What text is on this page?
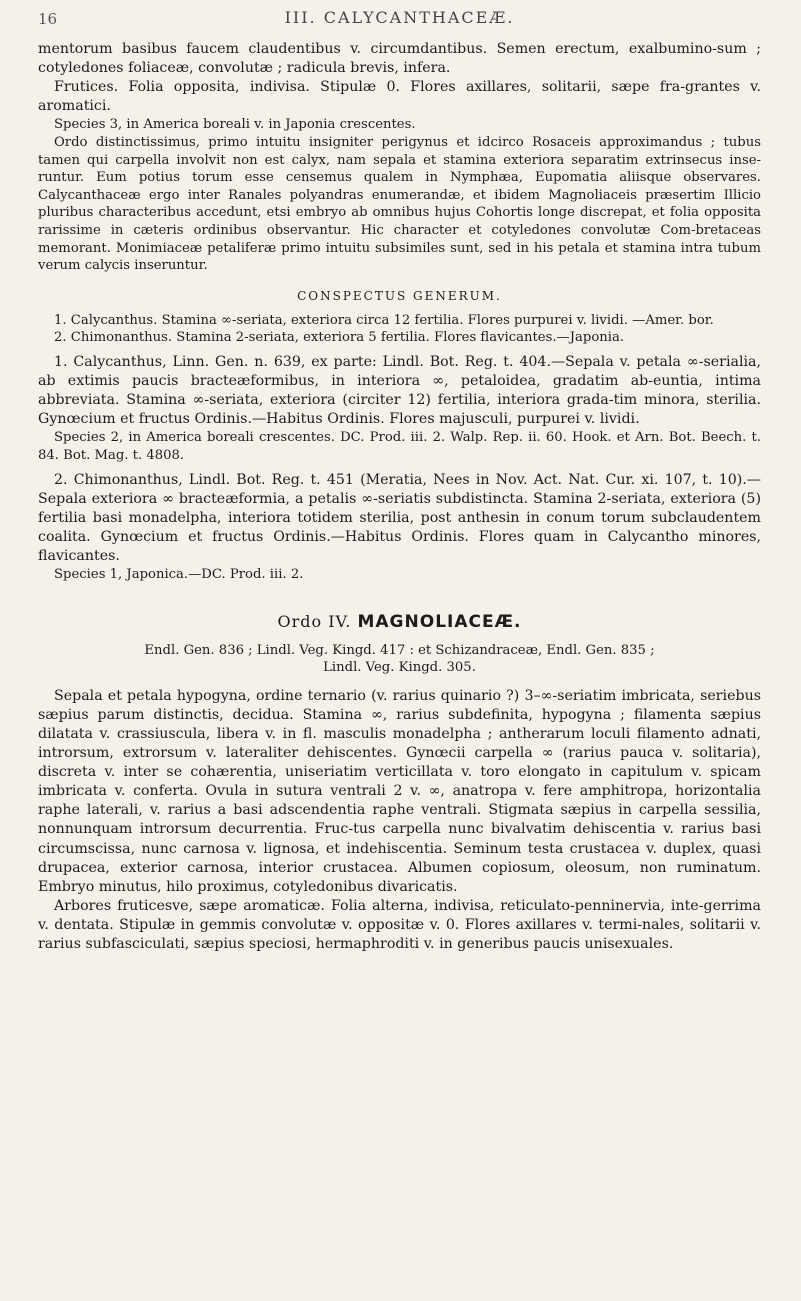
16	III. CALYCANTHACEÆ.

mentorum basibus faucem claudentibus v. circumdantibus. Semen erectum, exalbumino-sum ; cotyledones foliaceæ, convolutæ ; radicula brevis, infera.

Frutices. Folia opposita, indivisa. Stipulæ 0. Flores axillares, solitarii, sæpe fra-grantes v. aromatici.

Species 3, in America boreali v. in Japonia crescentes.

Ordo distinctissimus, primo intuitu insigniter perigynus et idcirco Rosaceis approximandus ; tubus tamen qui carpella involvit non est calyx, nam sepala et stamina exteriora separatim extrinsecus inse-runtur. Eum potius torum esse censemus qualem in Nymphæa, Eupomatia aliisque observares. Calycanthaceæ ergo inter Ranales polyandras enumerandæ, et ibidem Magnoliaceis præsertim Illicio pluribus characteribus accedunt, etsi embryo ab omnibus hujus Cohortis longe discrepat, et folia opposita rarissime in cæteris ordinibus observantur. Hic character et cotyledones convolutæ Com-bretaceas memorant. Monimiaceæ petaliferæ primo intuitu subsimiles sunt, sed in his petala et stamina intra tubum verum calycis inseruntur.

CONSPECTUS GENERUM.

1. Calycanthus. Stamina ∞-seriata, exteriora circa 12 fertilia. Flores purpurei v. lividi. —Amer. bor.

2. Chimonanthus. Stamina 2-seriata, exteriora 5 fertilia. Flores flavicantes.—Japonia.

1. Calycanthus, Linn. Gen. n. 639, ex parte: Lindl. Bot. Reg. t. 404.—Sepala v. petala ∞-serialia, ab extimis paucis bracteæformibus, in interiora ∞, petaloidea, gradatim ab-euntia, intima abbreviata. Stamina ∞-seriata, exteriora (circiter 12) fertilia, interiora grada-tim minora, sterilia. Gynœcium et fructus Ordinis.—Habitus Ordinis. Flores majusculi, purpurei v. lividi.

Species 2, in America boreali crescentes. DC. Prod. iii. 2. Walp. Rep. ii. 60. Hook. et Arn. Bot. Beech. t. 84. Bot. Mag. t. 4808.

2. Chimonanthus, Lindl. Bot. Reg. t. 451 (Meratia, Nees in Nov. Act. Nat. Cur. xi. 107, t. 10).—Sepala exteriora ∞ bracteæformia, a petalis ∞-seriatis subdistincta. Stamina 2-seriata, exteriora (5) fertilia basi monadelpha, interiora totidem sterilia, post anthesin in conum torum subclaudentem coalita. Gynœcium et fructus Ordinis.—Habitus Ordinis. Flores quam in Calycantho minores, flavicantes.

Species 1, Japonica.—DC. Prod. iii. 2.

Ordo IV. MAGNOLIACEÆ.

Endl. Gen. 836 ; Lindl. Veg. Kingd. 417 : et Schizandraceæ, Endl. Gen. 835 ;

Lindl. Veg. Kingd. 305.

Sepala et petala hypogyna, ordine ternario (v. rarius quinario ?) 3–∞-seriatim imbricata, seriebus sæpius parum distinctis, decidua. Stamina ∞, rarius subdefinita, hypogyna ; filamenta sæpius dilatata v. crassiuscula, libera v. in fl. masculis monadelpha ; antherarum loculi filamento adnati, introrsum, extrorsum v. lateraliter dehiscentes. Gynœcii carpella ∞ (rarius pauca v. solitaria), discreta v. inter se cohærentia, uniseriatim verticillata v. toro elongato in capitulum v. spicam imbricata v. conferta. Ovula in sutura ventrali 2 v. ∞, anatropa v. fere amphitropa, horizontalia raphe laterali, v. rarius a basi adscendentia raphe ventrali. Stigmata sæpius in carpella sessilia, nonnunquam introrsum decurrentia. Fruc-tus carpella nunc bivalvatim dehiscentia v. rarius basi circumscissa, nunc carnosa v. lignosa, et indehiscentia. Seminum testa crustacea v. duplex, quasi drupacea, exterior carnosa, interior crustacea. Albumen copiosum, oleosum, non ruminatum. Embryo minutus, hilo proximus, cotyledonibus divaricatis.

Arbores fruticesve, sæpe aromaticæ. Folia alterna, indivisa, reticulato-penninervia, inte-gerrima v. dentata. Stipulæ in gemmis convolutæ v. oppositæ v. 0. Flores axillares v. termi-nales, solitarii v. rarius subfasciculati, sæpius speciosi, hermaphroditi v. in generibus paucis unisexuales.
